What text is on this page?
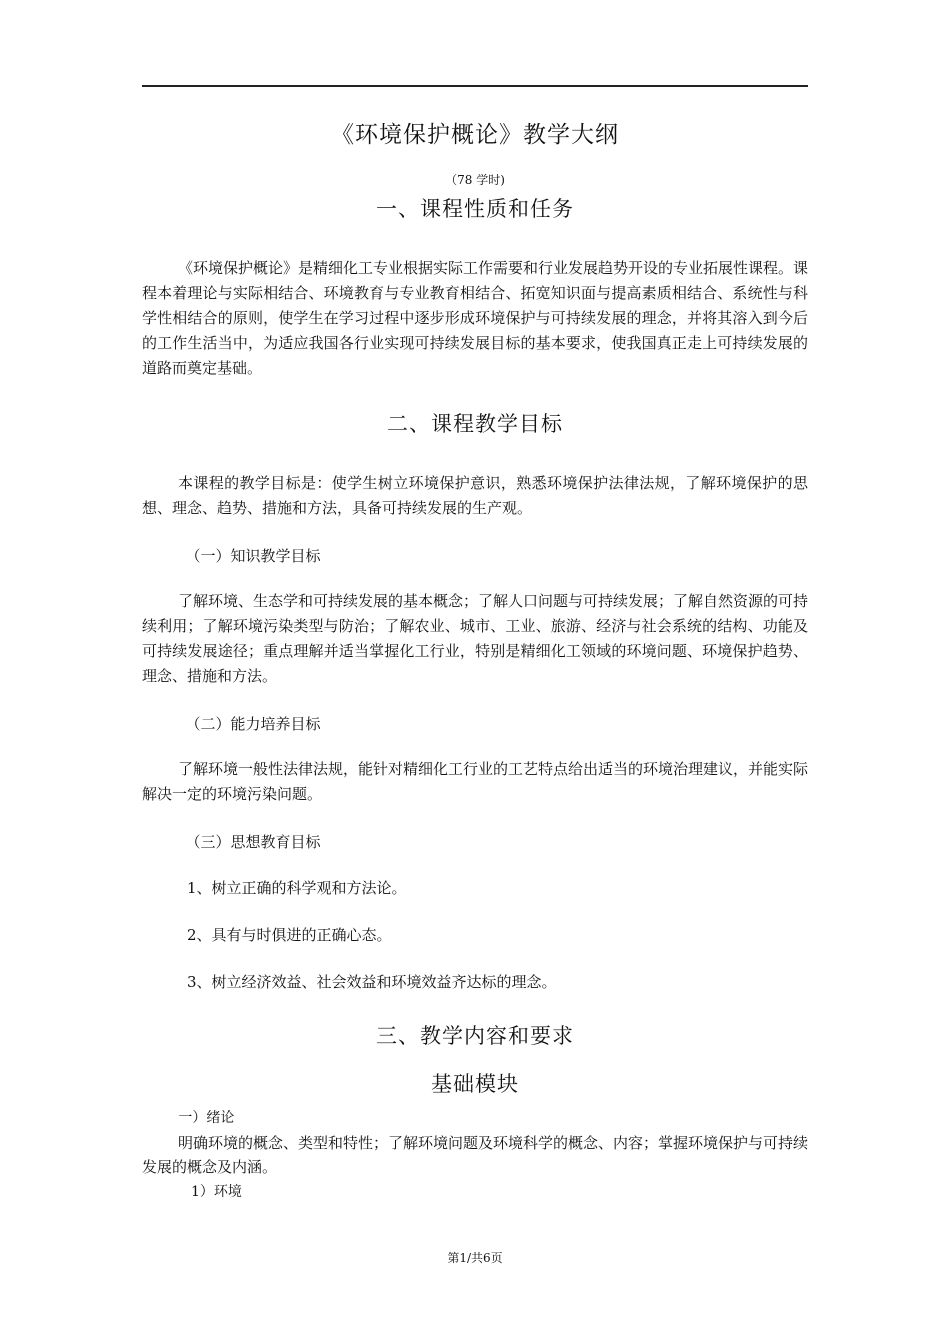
《环境保护概论》教学大纲
（78 学时)
一、课程性质和任务

《环境保护概论》是精细化工专业根据实际工作需要和行业发展趋势开设的专业拓展性课程。课程本着理论与实际相结合、环境教育与专业教育相结合、拓宽知识面与提高素质相结合、系统性与科学性相结合的原则，使学生在学习过程中逐步形成环境保护与可持续发展的理念，并将其溶入到今后的工作生活当中，为适应我国各行业实现可持续发展目标的基本要求，使我国真正走上可持续发展的道路而奠定基础。

二、课程教学目标

本课程的教学目标是：使学生树立环境保护意识，熟悉环境保护法律法规，了解环境保护的思想、理念、趋势、措施和方法，具备可持续发展的生产观。

（一）知识教学目标

了解环境、生态学和可持续发展的基本概念；了解人口问题与可持续发展；了解自然资源的可持续利用；了解环境污染类型与防治；了解农业、城市、工业、旅游、经济与社会系统的结构、功能及可持续发展途径；重点理解并适当掌握化工行业，特别是精细化工领域的环境问题、环境保护趋势、理念、措施和方法。

（二）能力培养目标

了解环境一般性法律法规，能针对精细化工行业的工艺特点给出适当的环境治理建议，并能实际解决一定的环境污染问题。

（三）思想教育目标

1、树立正确的科学观和方法论。

2、具有与时俱进的正确心态。

3、树立经济效益、社会效益和环境效益齐达标的理念。

三、教学内容和要求
基础模块

一）绪论

明确环境的概念、类型和特性；了解环境问题及环境科学的概念、内容；掌握环境保护与可持续发展的概念及内涵。

1）环境

第1/共6页
